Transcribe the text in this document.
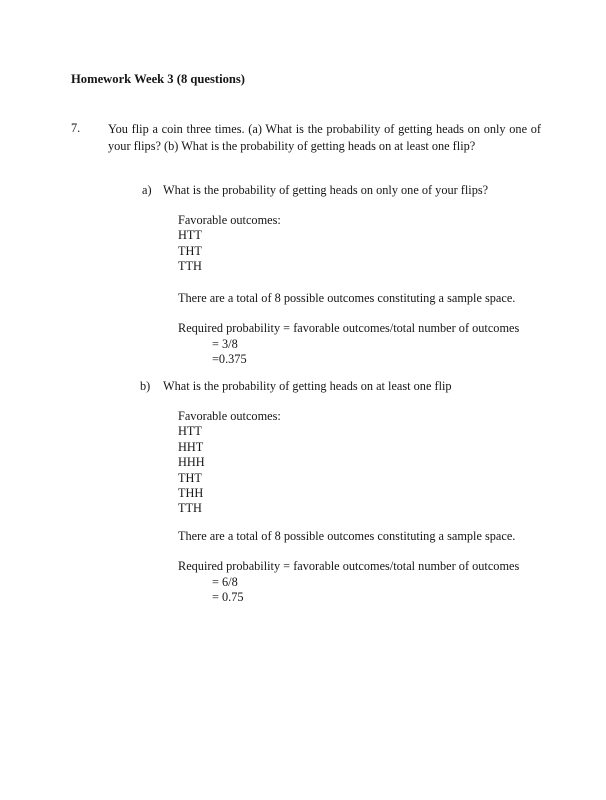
Homework Week 3 (8 questions)
7. You flip a coin three times. (a) What is the probability of getting heads on only one of your flips? (b) What is the probability of getting heads on at least one flip?
a) What is the probability of getting heads on only one of your flips?
Favorable outcomes:
HTT
THT
TTH
There are a total of 8 possible outcomes constituting a sample space.
Required probability = favorable outcomes/total number of outcomes
= 3/8
=0.375
b) What is the probability of getting heads on at least one flip
Favorable outcomes:
HTT
HHT
HHH
THT
THH
TTH
There are a total of 8 possible outcomes constituting a sample space.
Required probability = favorable outcomes/total number of outcomes
= 6/8
= 0.75
